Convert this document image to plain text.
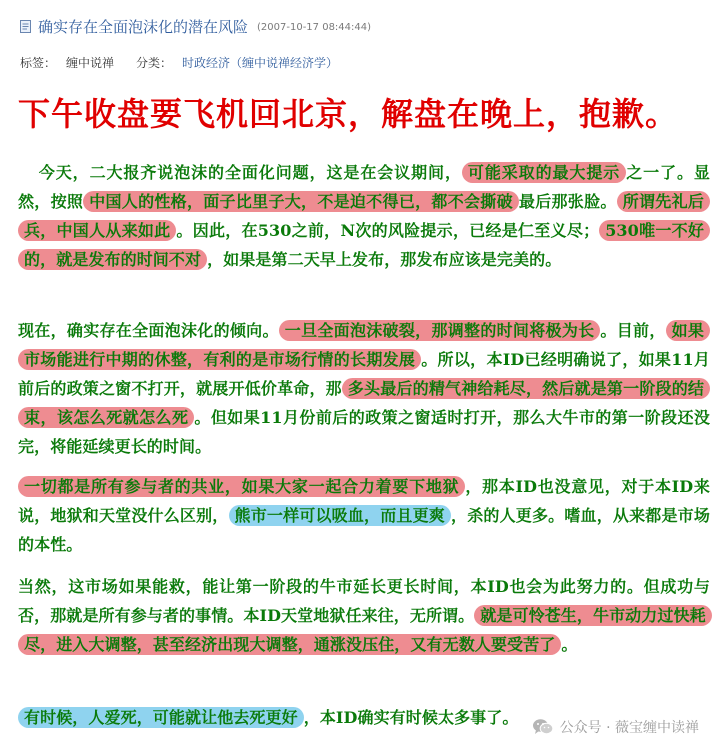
确实存在全面泡沫化的潜在风险 (2007-10-17 08:44:44)
标签： 缠中说禅 分类： 时政经济（缠中说禅经济学）
下午收盘要飞机回北京，解盘在晚上，抱歉。
今天，二大报齐说泡沫的全面化问题，这是在会议期间， 可能采取的最大提示 之一了。显然，按照 中国人的性格，面子比里子大，不是迫不得已，都不会撕破 最后那张脸。 所谓先礼后兵，中国人从来如此 。因此，在530之前，N次的风险提示，已经是仁至义尽； 530唯一不好的，就是发布的时间不对 ，如果是第二天早上发布，那发布应该是完美的。
现在，确实存在全面泡沫化的倾向。 一旦全面泡沫破裂，那调整的时间将极为长 。目前， 如果市场能进行中期的休整，有利的是市场行情的长期发展 。所以，本ID已经明确说了，如果11月前后的政策之窗不打开，就展开低价革命，那 多头最后的精气神给耗尽，然后就是第一阶段的结束，该怎么死就怎么死 。但如果11月份前后的政策之窗适时打开，那么大牛市的第一阶段还没完，将能延续更长的时间。
一切都是所有参与者的共业，如果大家一起合力着要下地狱 ，那本ID也没意见，对于本ID来说，地狱和天堂没什么区别， 熊市一样可以吸血，而且更爽 ，杀的人更多。嗜血，从来都是市场的本性。
当然，这市场如果能救，能让第一阶段的牛市延长更长时间，本ID也会为此努力的。但成功与否，那就是所有参与者的事情。本ID天堂地狱任来往，无所谓。 就是可怜苍生，牛市动力过快耗尽，进入大调整，甚至经济出现大调整，通涨没压住，又有无数人要受苦了 。
有时候，人爱死，可能就让他去死更好 ，本ID确实有时候太多事了。
公众号 · 薇宝缠中读禅
